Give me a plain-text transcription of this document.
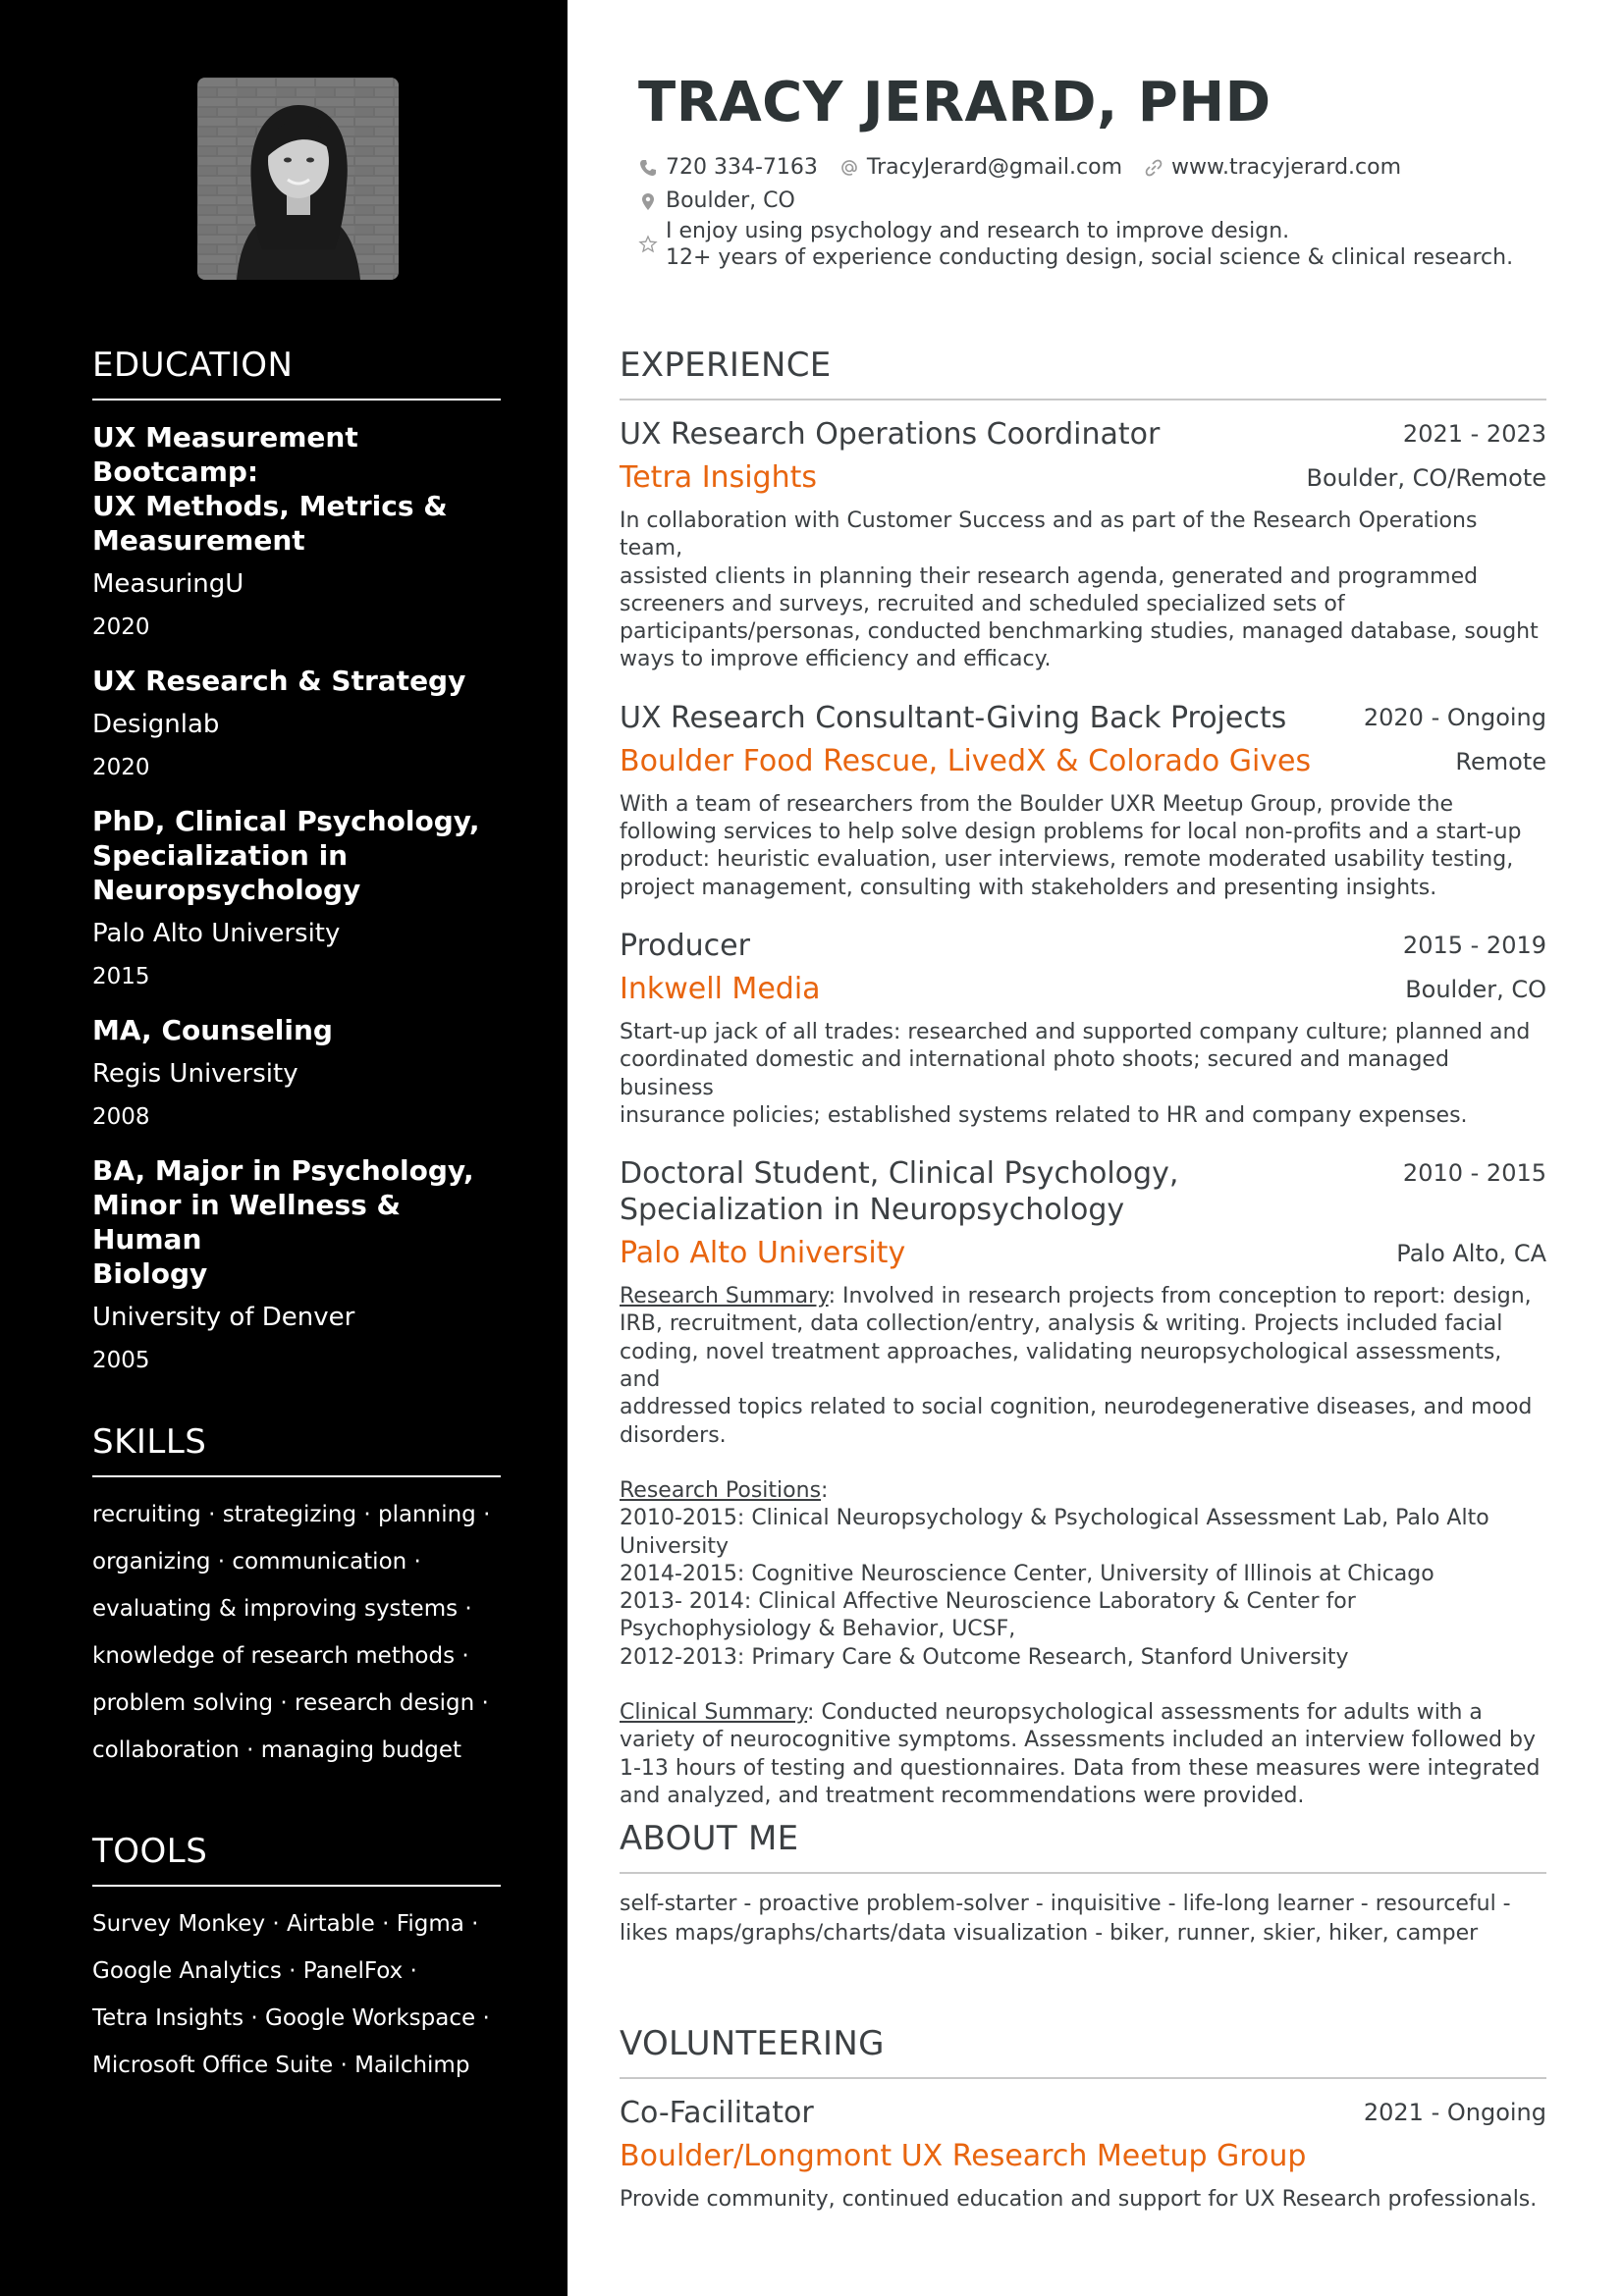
EDUCATION
UX Measurement Bootcamp:
UX Methods, Metrics &
Measurement
MeasuringU
2020
UX Research & Strategy
Designlab
2020
PhD, Clinical Psychology,
Specialization in
Neuropsychology
Palo Alto University
2015
MA, Counseling
Regis University
2008
BA, Major in Psychology,
Minor in Wellness & Human
Biology
University of Denver
2005
SKILLS
recruiting · strategizing · planning ·
organizing · communication ·
evaluating & improving systems ·
knowledge of research methods ·
problem solving · research design ·
collaboration · managing budget
TOOLS
Survey Monkey · Airtable · Figma ·
Google Analytics · PanelFox ·
Tetra Insights · Google Workspace ·
Microsoft Office Suite · Mailchimp
TRACY JERARD, PHD
720 334-7163 TracyJerard@gmail.com www.tracyjerard.com
Boulder, CO
I enjoy using psychology and research to improve design.
12+ years of experience conducting design, social science & clinical research.
EXPERIENCE
UX Research Operations Coordinator	2021 - 2023
Tetra Insights	Boulder, CO/Remote
In collaboration with Customer Success and as part of the Research Operations team,
assisted clients in planning their research agenda, generated and programmed
screeners and surveys, recruited and scheduled specialized sets of
participants/personas, conducted benchmarking studies, managed database, sought
ways to improve efficiency and efficacy.
UX Research Consultant-Giving Back Projects	2020 - Ongoing
Boulder Food Rescue, LivedX & Colorado Gives	Remote
With a team of researchers from the Boulder UXR Meetup Group, provide the
following services to help solve design problems for local non-profits and a start-up
product: heuristic evaluation, user interviews, remote moderated usability testing,
project management, consulting with stakeholders and presenting insights.
Producer	2015 - 2019
Inkwell Media	Boulder, CO
Start-up jack of all trades: researched and supported company culture; planned and
coordinated domestic and international photo shoots; secured and managed business
insurance policies; established systems related to HR and company expenses.
Doctoral Student, Clinical Psychology,
Specialization in Neuropsychology
2010 - 2015
Palo Alto University	Palo Alto, CA
Research Summary: Involved in research projects from conception to report: design,
IRB, recruitment, data collection/entry, analysis & writing. Projects included facial
coding, novel treatment approaches, validating neuropsychological assessments, and
addressed topics related to social cognition, neurodegenerative diseases, and mood
disorders.
Research Positions:
2010-2015: Clinical Neuropsychology & Psychological Assessment Lab, Palo Alto
University
2014-2015: Cognitive Neuroscience Center, University of Illinois at Chicago
2013- 2014: Clinical Affective Neuroscience Laboratory & Center for
Psychophysiology & Behavior, UCSF,
2012-2013: Primary Care & Outcome Research, Stanford University
Clinical Summary: Conducted neuropsychological assessments for adults with a
variety of neurocognitive symptoms. Assessments included an interview followed by
1-13 hours of testing and questionnaires. Data from these measures were integrated
and analyzed, and treatment recommendations were provided.
ABOUT ME
self-starter - proactive problem-solver - inquisitive - life-long learner - resourceful -
likes maps/graphs/charts/data visualization - biker, runner, skier, hiker, camper
VOLUNTEERING
Co-Facilitator	2021 - Ongoing
Boulder/Longmont UX Research Meetup Group
Provide community, continued education and support for UX Research professionals.
